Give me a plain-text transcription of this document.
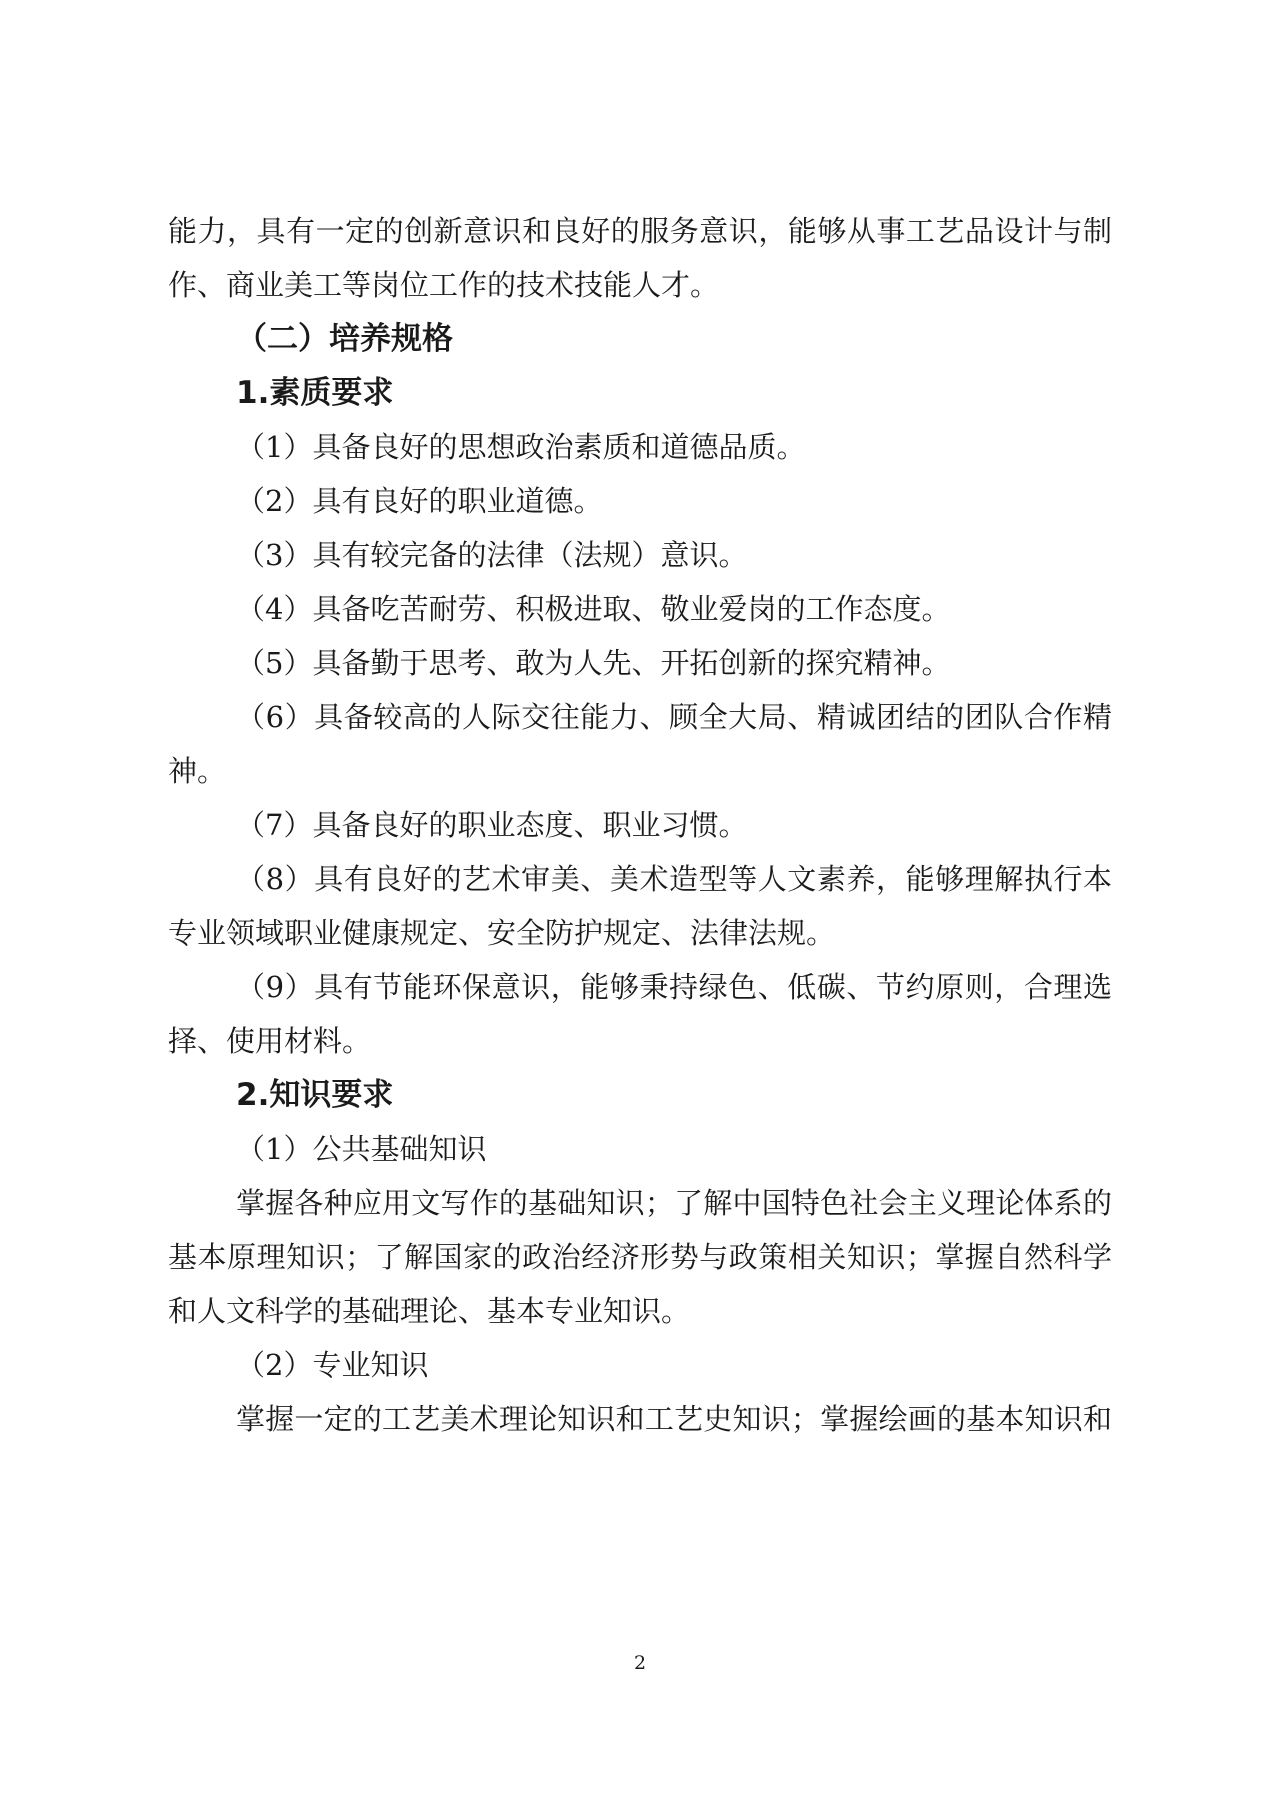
能力，具有一定的创新意识和良好的服务意识，能够从事工艺品设计与制
作、商业美工等岗位工作的技术技能人才。
（二）培养规格
1.素质要求
（1）具备良好的思想政治素质和道德品质。
（2）具有良好的职业道德。
（3）具有较完备的法律（法规）意识。
（4）具备吃苦耐劳、积极进取、敬业爱岗的工作态度。
（5）具备勤于思考、敢为人先、开拓创新的探究精神。
（6）具备较高的人际交往能力、顾全大局、精诚团结的团队合作精
神。
（7）具备良好的职业态度、职业习惯。
（8）具有良好的艺术审美、美术造型等人文素养，能够理解执行本
专业领域职业健康规定、安全防护规定、法律法规。
（9）具有节能环保意识，能够秉持绿色、低碳、节约原则，合理选
择、使用材料。
2.知识要求
（1）公共基础知识
掌握各种应用文写作的基础知识；了解中国特色社会主义理论体系的
基本原理知识；了解国家的政治经济形势与政策相关知识；掌握自然科学
和人文科学的基础理论、基本专业知识。
（2）专业知识
掌握一定的工艺美术理论知识和工艺史知识；掌握绘画的基本知识和
2
